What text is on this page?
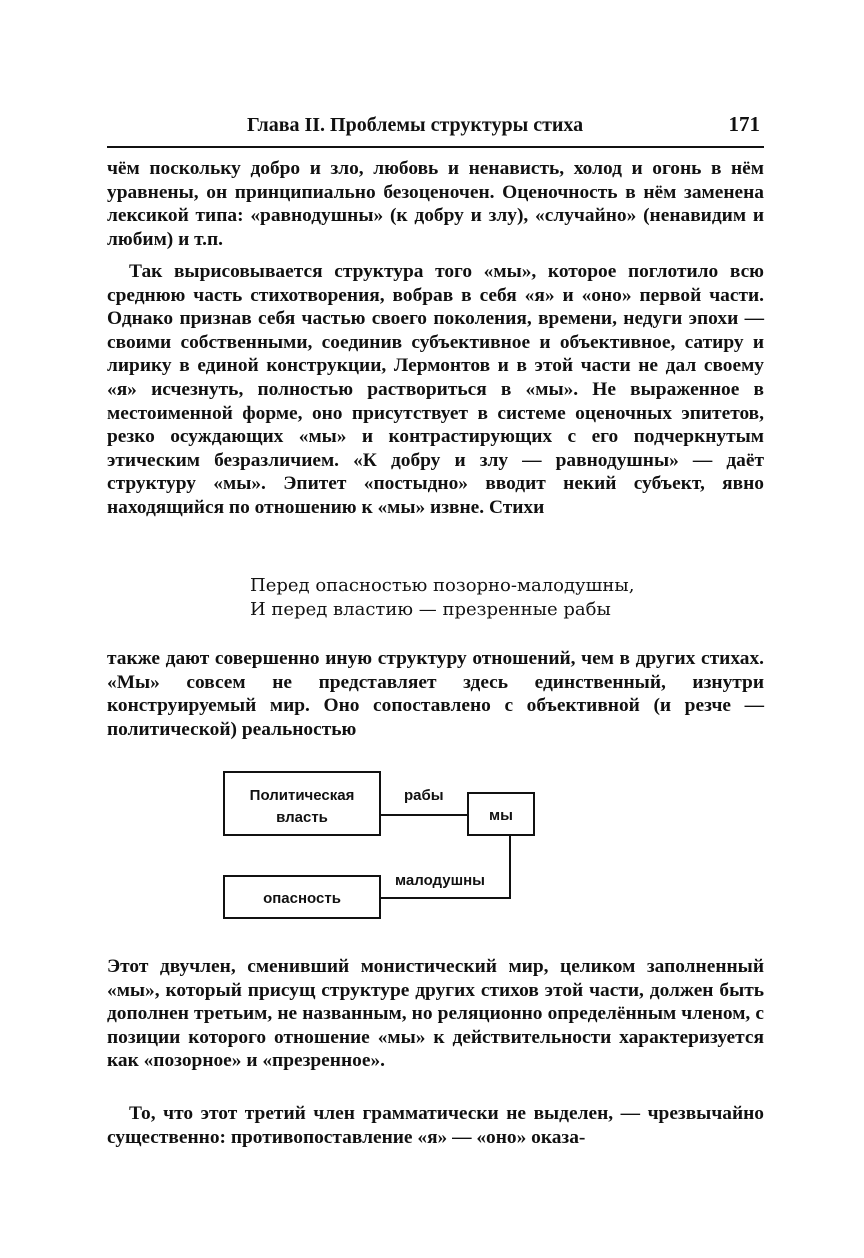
Глава II. Проблемы структуры стиха	171

чём поскольку добро и зло, любовь и ненависть, холод и огонь в нём уравнены, он принципиально безоценочен. Оценочность в нём заменена лексикой типа: «равнодушны» (к добру и злу), «случайно» (ненавидим и любим) и т.п.

Так вырисовывается структура того «мы», которое поглотило всю среднюю часть стихотворения, вобрав в себя «я» и «оно» первой части. Однако признав себя частью своего поколения, времени, недуги эпохи — своими собственными, соединив субъективное и объективное, сатиру и лирику в единой конструкции, Лермонтов и в этой части не дал своему «я» исчезнуть, полностью раствориться в «мы». Не выраженное в местоименной форме, оно присутствует в системе оценочных эпитетов, резко осуждающих «мы» и контрастирующих с его подчеркнутым этическим безразличием. «К добру и злу — равнодушны» — даёт структуру «мы». Эпитет «постыдно» вводит некий субъект, явно находящийся по отношению к «мы» извне. Стихи

Перед опасностью позорно-малодушны,
И перед властию — презренные рабы

также дают совершенно иную структуру отношений, чем в других стихах. «Мы» совсем не представляет здесь единственный, изнутри конструируемый мир. Оно сопоставлено с объективной (и резче — политической) реальностью

Политическая
власть	мы
опасность
рабы
малодушны

Этот двучлен, сменивший монистический мир, целиком заполненный «мы», который присущ структуре других стихов этой части, должен быть дополнен третьим, не названным, но реляционно определённым членом, с позиции которого отношение «мы» к действительности характеризуется как «позорное» и «презренное».

То, что этот третий член грамматически не выделен, — чрезвычайно существенно: противопоставление «я» — «оно» оказа-
